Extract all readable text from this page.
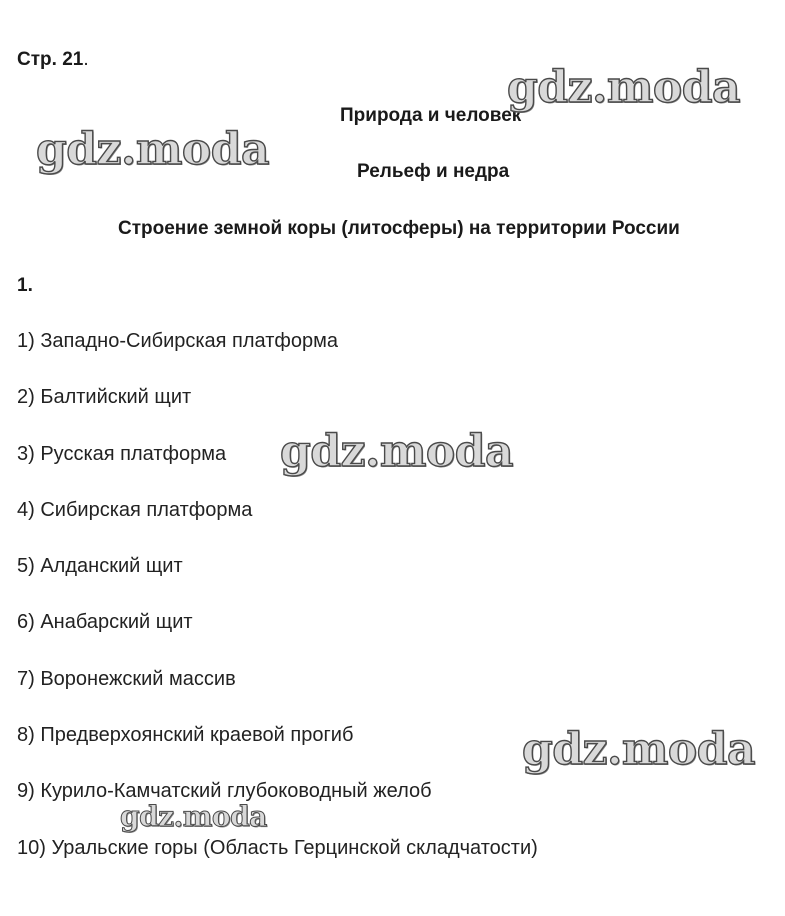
Стр. 21.
Природа и человек
Рельеф и недра
Строение земной коры (литосферы) на территории России
1.
1) Западно-Сибирская платформа
2) Балтийский щит
3) Русская платформа
4) Сибирская платформа
5) Алданский щит
6) Анабарский щит
7) Воронежский массив
8) Предверхоянский краевой прогиб
9) Курило-Камчатский глубоководный желоб
10) Уральские горы (Область Герцинской складчатости)
gdz.moda
gdz.moda
gdz.moda
gdz.moda
gdz.moda
